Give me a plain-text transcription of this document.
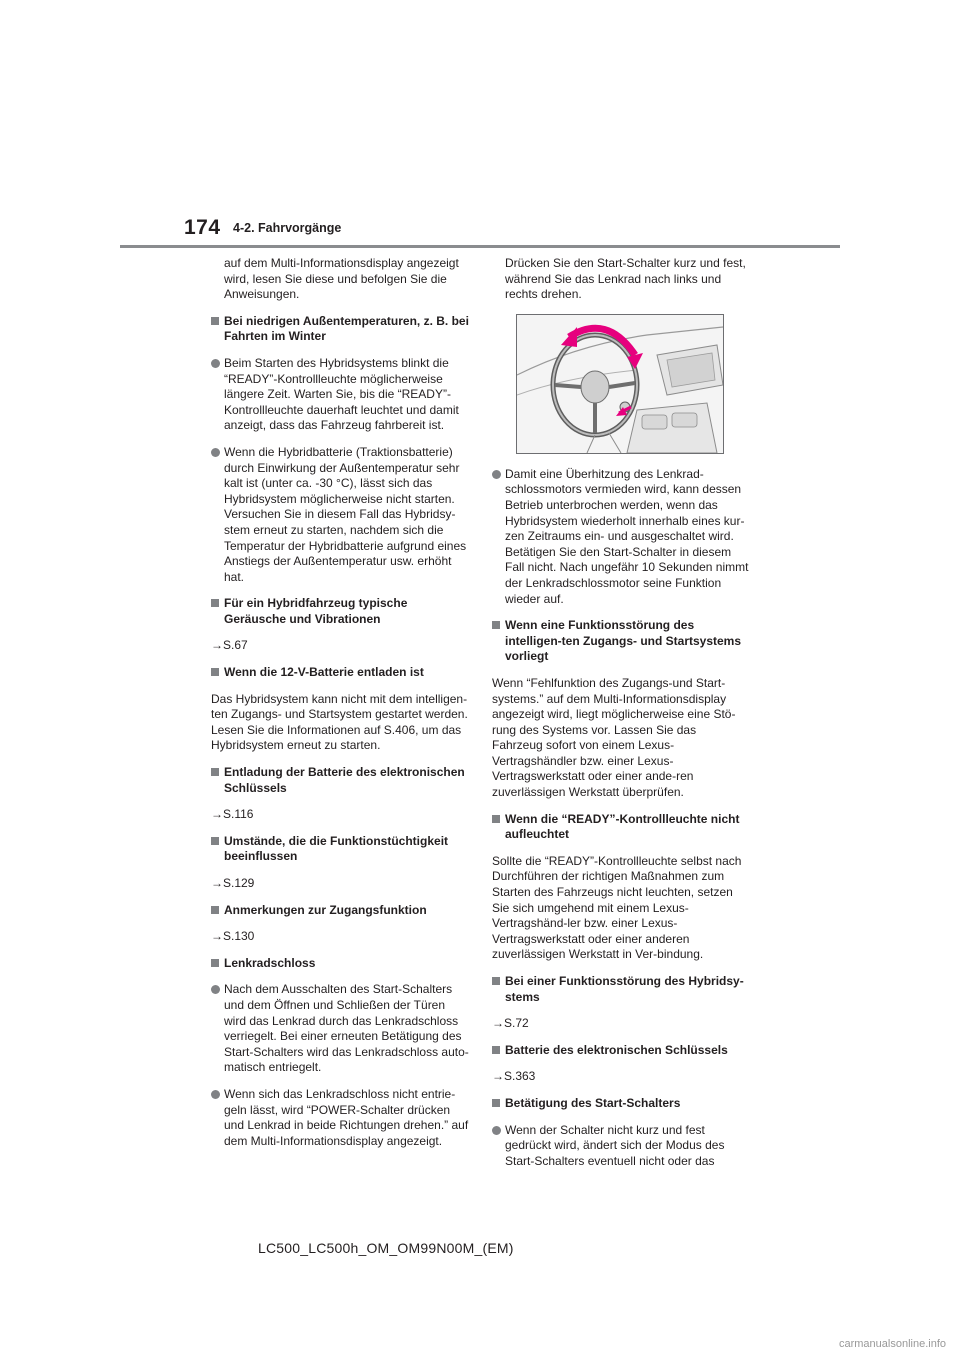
174 4-2. Fahrvorgänge

auf dem Multi-Informationsdisplay angezeigt wird, lesen Sie diese und befolgen Sie die Anweisungen.

Bei niedrigen Außentemperaturen, z. B. bei Fahrten im Winter

Beim Starten des Hybridsystems blinkt die “READY”-Kontrollleuchte möglicherweise längere Zeit. Warten Sie, bis die “READY”-Kontrollleuchte dauerhaft leuchtet und damit anzeigt, dass das Fahrzeug fahrbereit ist.

Wenn die Hybridbatterie (Traktionsbatterie) durch Einwirkung der Außentemperatur sehr kalt ist (unter ca. -30 °C), lässt sich das Hybridsystem möglicherweise nicht starten. Versuchen Sie in diesem Fall das Hybridsy-stem erneut zu starten, nachdem sich die Temperatur der Hybridbatterie aufgrund eines Anstiegs der Außentemperatur usw. erhöht hat.

Für ein Hybridfahrzeug typische Geräusche und Vibrationen

→S.67

Wenn die 12-V-Batterie entladen ist

Das Hybridsystem kann nicht mit dem intelligen-ten Zugangs- und Startsystem gestartet werden. Lesen Sie die Informationen auf S.406, um das Hybridsystem erneut zu starten.

Entladung der Batterie des elektronischen Schlüssels

→S.116

Umstände, die die Funktionstüchtigkeit beeinflussen

→S.129

Anmerkungen zur Zugangsfunktion

→S.130

Lenkradschloss

Nach dem Ausschalten des Start-Schalters und dem Öffnen und Schließen der Türen wird das Lenkrad durch das Lenkradschloss verriegelt. Bei einer erneuten Betätigung des Start-Schalters wird das Lenkradschloss auto-matisch entriegelt.

Wenn sich das Lenkradschloss nicht entrie-geln lässt, wird “POWER-Schalter drücken und Lenkrad in beide Richtungen drehen.” auf dem Multi-Informationsdisplay angezeigt.

Drücken Sie den Start-Schalter kurz und fest, während Sie das Lenkrad nach links und rechts drehen.

Damit eine Überhitzung des Lenkrad-schlossmotors vermieden wird, kann dessen Betrieb unterbrochen werden, wenn das Hybridsystem wiederholt innerhalb eines kur-zen Zeitraums ein- und ausgeschaltet wird. Betätigen Sie den Start-Schalter in diesem Fall nicht. Nach ungefähr 10 Sekunden nimmt der Lenkradschlossmotor seine Funktion wieder auf.

Wenn eine Funktionsstörung des intelligen-ten Zugangs- und Startsystems vorliegt

Wenn “Fehlfunktion des Zugangs-und Start-systems.” auf dem Multi-Informationsdisplay angezeigt wird, liegt möglicherweise eine Stö-rung des Systems vor. Lassen Sie das Fahrzeug sofort von einem Lexus-Vertragshändler bzw. einer Lexus-Vertragswerkstatt oder einer ande-ren zuverlässigen Werkstatt überprüfen.

Wenn die “READY”-Kontrollleuchte nicht aufleuchtet

Sollte die “READY”-Kontrollleuchte selbst nach Durchführen der richtigen Maßnahmen zum Starten des Fahrzeugs nicht leuchten, setzen Sie sich umgehend mit einem Lexus-Vertragshänd-ler bzw. einer Lexus-Vertragswerkstatt oder einer anderen zuverlässigen Werkstatt in Ver-bindung.

Bei einer Funktionsstörung des Hybridsy-stems

→S.72

Batterie des elektronischen Schlüssels

→S.363

Betätigung des Start-Schalters

Wenn der Schalter nicht kurz und fest gedrückt wird, ändert sich der Modus des Start-Schalters eventuell nicht oder das

LC500_LC500h_OM_OM99N00M_(EM)
carmanualsonline.info
